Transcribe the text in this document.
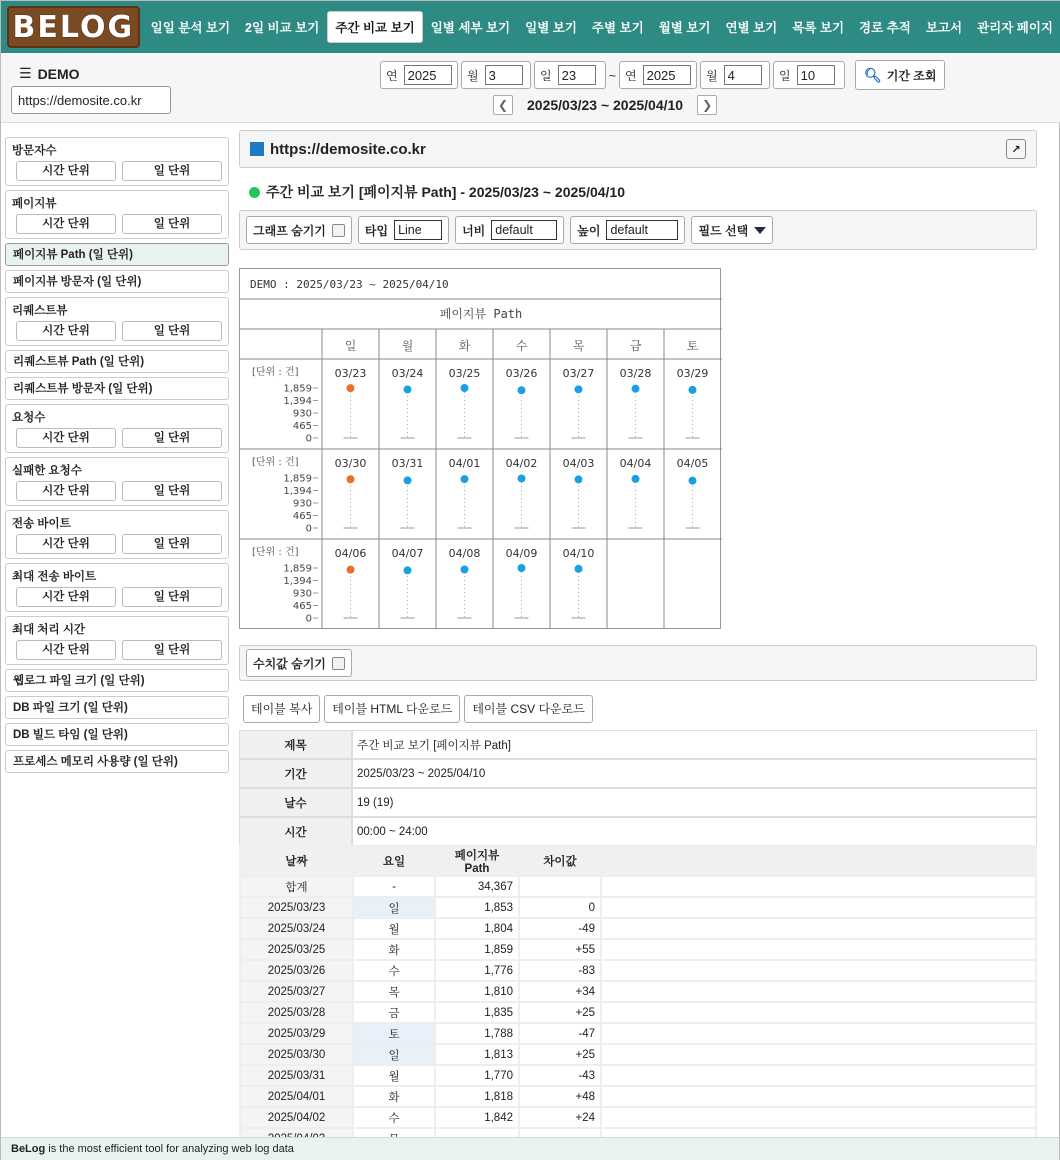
BELOG	일일 분석 보기	2일 비교 보기	주간 비교 보기	일별 세부 보기	일별 보기	주별 보기	월별 보기	연별 보기	목록 보기	경로 추적	보고서	관리자 페이지
☰ DEMO
https://demosite.co.kr
연 2025	월 3	일 23	~ 연 2025	월 4	일 10	🔍︎ 기간 조회
❮	2025/03/23 ~ 2025/04/10	❯
방문자수
시간 단위	일 단위
페이지뷰
시간 단위	일 단위
페이지뷰 Path (일 단위)
페이지뷰 방문자 (일 단위)
리퀘스트뷰
시간 단위	일 단위
리퀘스트뷰 Path (일 단위)
리퀘스트뷰 방문자 (일 단위)
요청수
시간 단위	일 단위
실패한 요청수
시간 단위	일 단위
전송 바이트
시간 단위	일 단위
최대 전송 바이트
시간 단위	일 단위
최대 처리 시간
시간 단위	일 단위
웹로그 파일 크기 (일 단위)
DB 파일 크기 (일 단위)
DB 빌드 타임 (일 단위)
프로세스 메모리 사용량 (일 단위)
https://demosite.co.kr	↗
주간 비교 보기 [페이지뷰 Path] - 2025/03/23 ~ 2025/04/10
그래프 숨기기	타입 Line	너비 default	높이 default	필드 선택
DEMO : 2025/03/23 ~ 2025/04/10
페이지뷰 Path
일	월	화	수	목	금	토
[단위 : 건]
1,859
1,394
930
465
0
03/23 03/24 03/25 03/26 03/27 03/28 03/29
[단위 : 건]
1,859
1,394
930
465
0
03/30 03/31 04/01 04/02 04/03 04/04 04/05
[단위 : 건]
1,859
1,394
930
465
0
04/06 04/07 04/08 04/09 04/10
수치값 숨기기
테이블 복사	테이블 HTML 다운로드	테이블 CSV 다운로드
제목	주간 비교 보기 [페이지뷰 Path]
기간	2025/03/23 ~ 2025/04/10
날수	19 (19)
시간	00:00 ~ 24:00
날짜	요일	페이지뷰 Path	차이값	
합계	-	34,367		
2025/03/23	일	1,853	0	
2025/03/24	월	1,804	-49	
2025/03/25	화	1,859	+55	
2025/03/26	수	1,776	-83	
2025/03/27	목	1,810	+34	
2025/03/28	금	1,835	+25	
2025/03/29	토	1,788	-47	
2025/03/30	일	1,813	+25	
2025/03/31	월	1,770	-43	
2025/04/01	화	1,818	+48	
2025/04/02	수	1,842	+24	

BeLog is the most efficient tool for analyzing web log data
